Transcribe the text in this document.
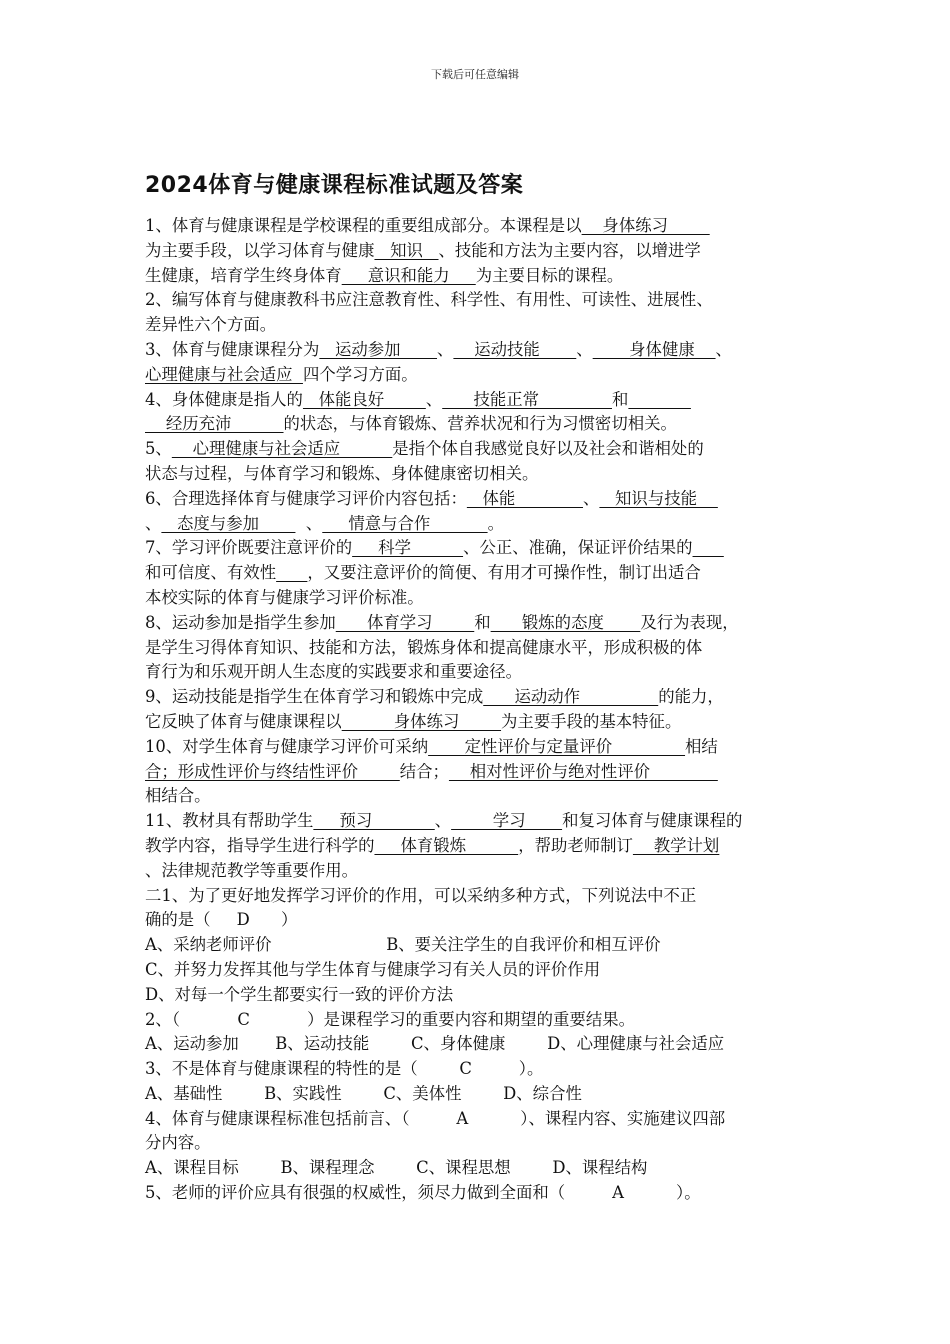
下载后可任意编辑
2024体育与健康课程标准试题及答案
1、体育与健康课程是学校课程的重要组成部分。本课程是以    身体练习
为主要手段，以学习体育与健康   知识   、技能和方法为主要内容，以增进学
生健康，培育学生终身体育     意识和能力     为主要目标的课程。
2、编写体育与健康教科书应注意教育性、科学性、有用性、可读性、进展性、
差异性六个方面。
3、体育与健康课程分为   运动参加       、    运动技能       、       身体健康    、
心理健康与社会适应  四个学习方面。
4、身体健康是指人的   体能良好        、      技能正常              和
经历充沛          的状态，与体育锻炼、营养状况和行为习惯密切相关。
5、    心理健康与社会适应          是指个体自我感觉良好以及社会和谐相处的
状态与过程，与体育学习和锻炼、身体健康密切相关。
6、合理选择体育与健康学习评价内容包括：   体能             、   知识与技能
、   态度与参加         、     情意与合作           。
7、学习评价既要注意评价的     科学          、公正、准确，保证评价结果的
和可信度、有效性 ，又要注意评价的简便、有用才可操作性，制订出适合
本校实际的体育与健康学习评价标准。
8、运动参加是指学生参加      体育学习        和      锻炼的态度       及行为表现，
是学生习得体育知识、技能和方法，锻炼身体和提高健康水平，形成积极的体
育行为和乐观开朗人生态度的实践要求和重要途径。
9、运动技能是指学生在体育学习和锻炼中完成      运动动作               的能力，
它反映了体育与健康课程以          身体练习        为主要手段的基本特征。
10、对学生体育与健康学习评价可采纳       定性评价与定量评价              相结
合；形成性评价与终结性评价        结合；    相对性评价与绝对性评价
相结合。
11、教材具有帮助学生     预习            、        学习       和复习体育与健康课程的
教学内容，指导学生进行科学的     体育锻炼          ，帮助老师制订    教学计划
、法律规范教学等重要作用。
二1、为了更好地发挥学习评价的作用，可以采纳多种方式，下列说法中不正
确的是（     D      ）
A、采纳老师评价                      B、要关注学生的自我评价和相互评价
C、并努力发挥其他与学生体育与健康学习有关人员的评价作用
D、对每一个学生都要实行一致的评价方法
2、（           C           ）是课程学习的重要内容和期望的重要结果。
A、运动参加       B、运动技能        C、身体健康        D、心理健康与社会适应
3、不是体育与健康课程的特性的是（        C         ）。
A、基础性        B、实践性        C、美体性        D、综合性
4、体育与健康课程标准包括前言、（         A          ）、课程内容、实施建议四部
分内容。
A、课程目标        B、课程理念        C、课程思想        D、课程结构
5、老师的评价应具有很强的权威性，须尽力做到全面和（         A          ）。
